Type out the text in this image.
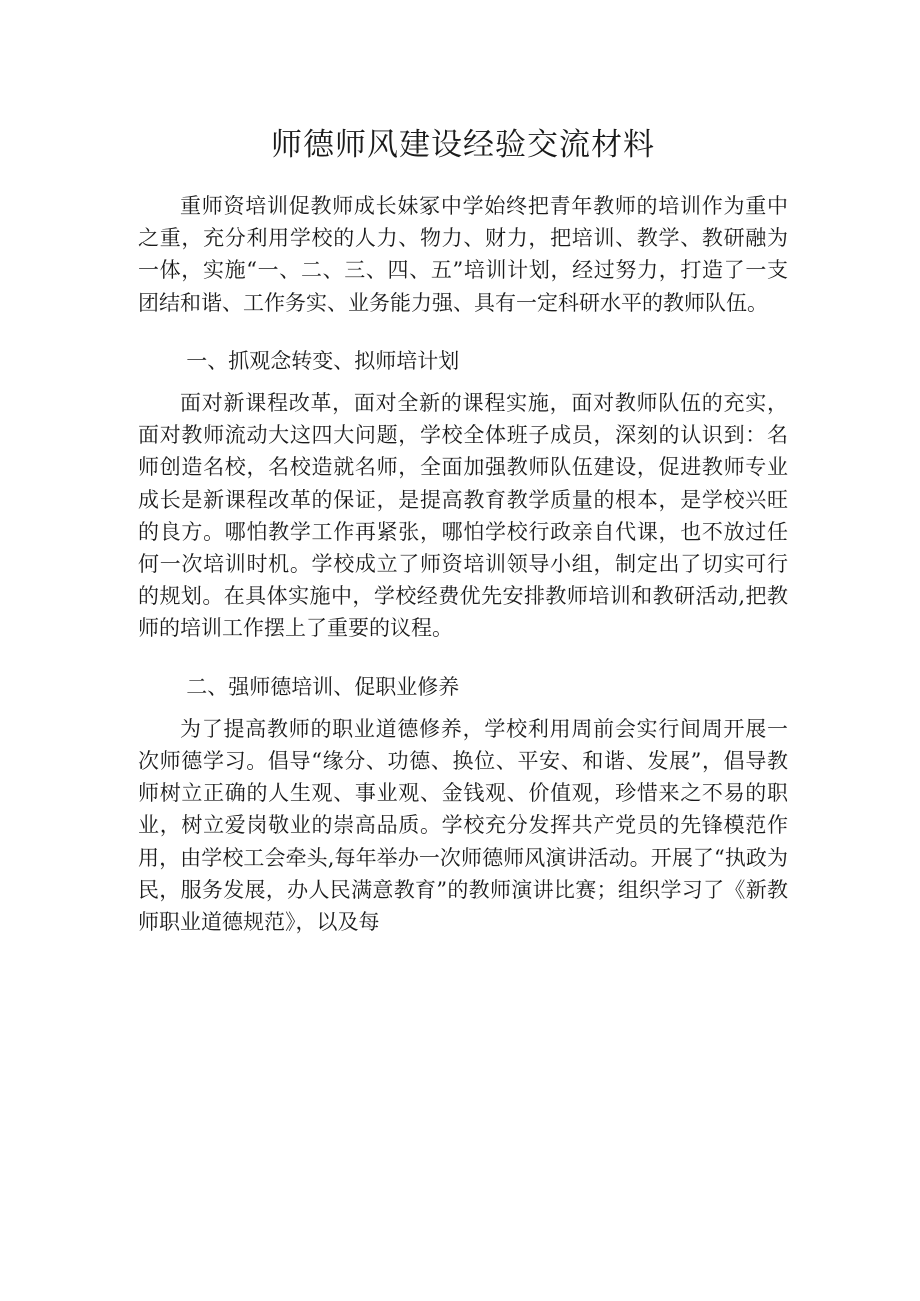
师德师风建设经验交流材料

重师资培训促教师成长妹冢中学始终把青年教师的培训作为重中之重，充分利用学校的人力、物力、财力，把培训、教学、教研融为一体，实施“一、二、三、四、五”培训计划，经过努力，打造了一支团结和谐、工作务实、业务能力强、具有一定科研水平的教师队伍。

一、抓观念转变、拟师培计划

面对新课程改革，面对全新的课程实施，面对教师队伍的充实，面对教师流动大这四大问题，学校全体班子成员，深刻的认识到：名师创造名校，名校造就名师，全面加强教师队伍建设，促进教师专业成长是新课程改革的保证，是提高教育教学质量的根本，是学校兴旺的良方。哪怕教学工作再紧张，哪怕学校行政亲自代课，也不放过任何一次培训时机。学校成立了师资培训领导小组，制定出了切实可行的规划。在具体实施中，学校经费优先安排教师培训和教研活动,把教师的培训工作摆上了重要的议程。

二、强师德培训、促职业修养

为了提高教师的职业道德修养，学校利用周前会实行间周开展一次师德学习。倡导“缘分、功德、换位、平安、和谐、发展”，倡导教师树立正确的人生观、事业观、金钱观、价值观，珍惜来之不易的职业，树立爱岗敬业的崇高品质。学校充分发挥共产党员的先锋模范作用，由学校工会牵头,每年举办一次师德师风演讲活动。开展了“执政为民，服务发展，办人民满意教育”的教师演讲比赛；组织学习了《新教师职业道德规范》，以及每
